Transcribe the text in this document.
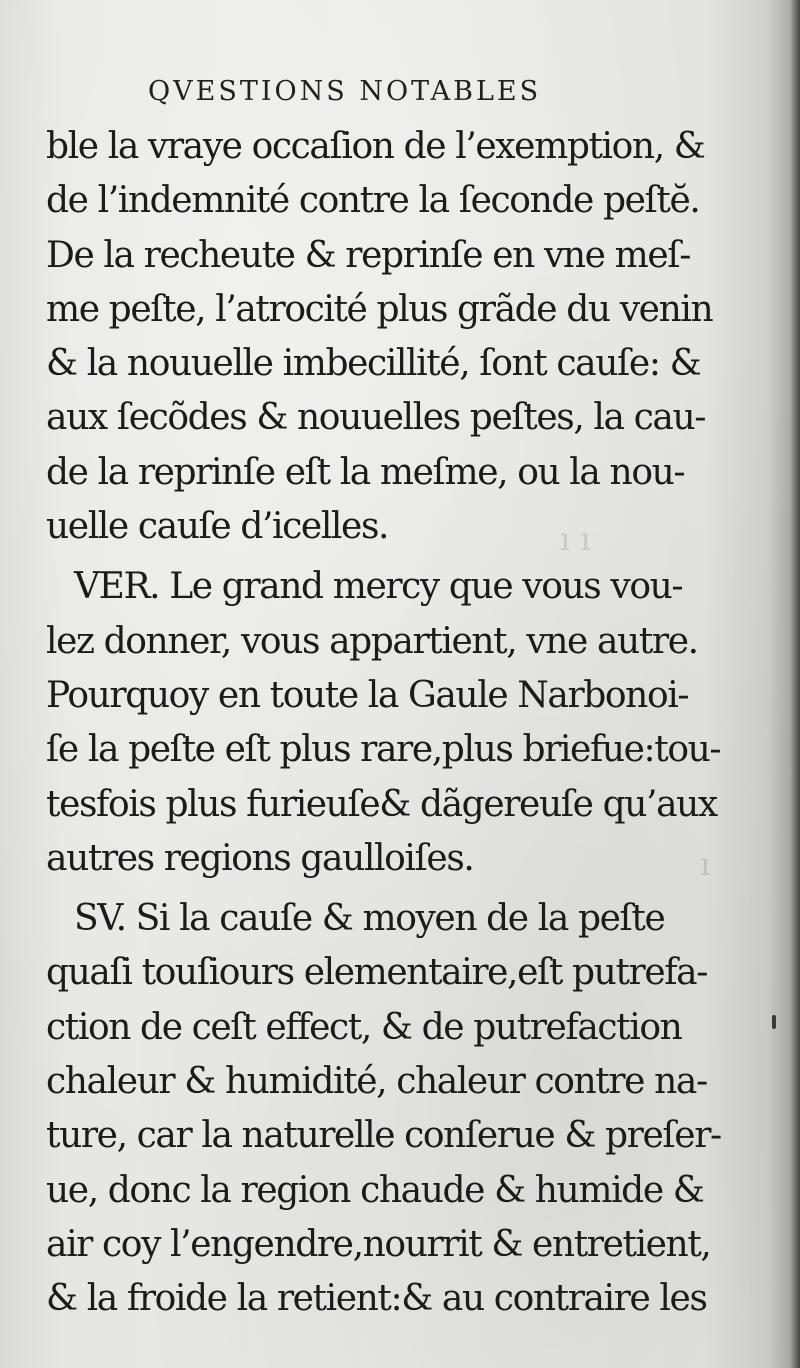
ı ı
ı
QVESTIONS NOTABLES
ble la vraye occaſion de l’exemption, &
de l’indemnité contre la ſeconde peſtĕ.
De la recheute & reprinſe en vne meſ-
me peſte, l’atrocité plus grãde du venin
& la nouuelle imbecillité, ſont cauſe: &
aux ſecõdes & nouuelles peſtes, la cau-
de la reprinſe eſt la meſme, ou la nou-
uelle cauſe d’icelles.
VER. Le grand mercy que vous vou-
lez donner, vous appartient, vne autre.
Pourquoy en toute la Gaule Narbonoi-
ſe la peſte eſt plus rare,plus briefue:tou-
tesfois plus furieuſe& dãgereuſe qu’aux
autres regions gaulloiſes.
SV. Si la cauſe & moyen de la peſte
quaſi touſiours elementaire,eſt putrefa-
ction de ceſt effect, & de putrefaction
chaleur & humidité, chaleur contre na-
ture, car la naturelle conſerue & preſer-
ue, donc la region chaude & humide &
air coy l’engendre,nourrit & entretient,
& la froide la retient:& au contraire les
